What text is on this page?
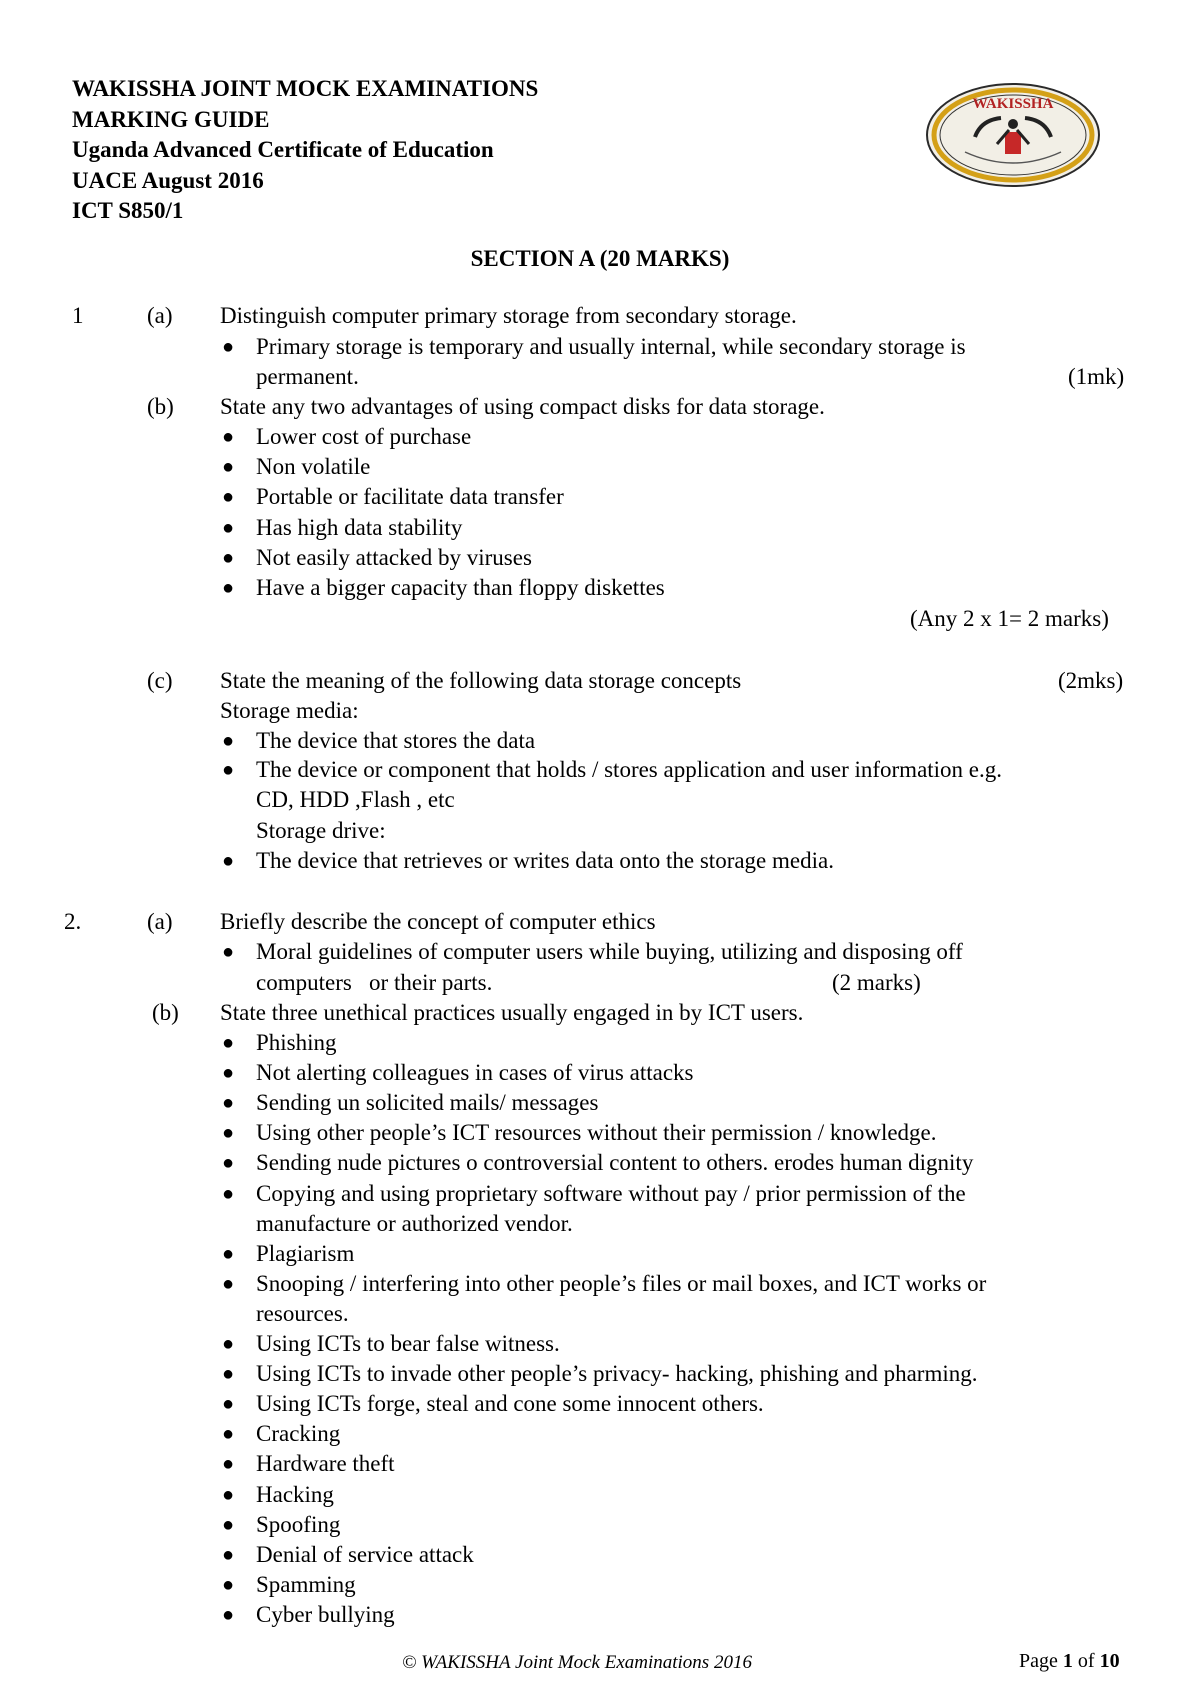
WAKISSHA JOINT MOCK EXAMINATIONS
MARKING GUIDE
Uganda Advanced Certificate of Education
UACE August 2016
ICT S850/1
WAKISSHA
SECTION A (20 MARKS)
1	(a) Distinguish computer primary storage from secondary storage.
● Primary storage is temporary and usually internal, while secondary storage is
permanent.	(1mk)
(b) State any two advantages of using compact disks for data storage.
● Lower cost of purchase
● Non volatile
● Portable or facilitate data transfer
● Has high data stability
● Not easily attacked by viruses
● Have a bigger capacity than floppy diskettes
(Any 2 x 1= 2 marks)
(c) State the meaning of the following data storage concepts	(2mks)
Storage media:
● The device that stores the data
● The device or component that holds / stores application and user information e.g.
CD, HDD ,Flash , etc
Storage drive:
● The device that retrieves or writes data onto the storage media.
2.	(a) Briefly describe the concept of computer ethics
● Moral guidelines of computer users while buying, utilizing and disposing off
computers   or their parts.	(2 marks)
(b) State three unethical practices usually engaged in by ICT users.
● Phishing
● Not alerting colleagues in cases of virus attacks
● Sending un solicited mails/ messages
● Using other people’s ICT resources without their permission / knowledge.
● Sending nude pictures o controversial content to others. erodes human dignity
● Copying and using proprietary software without pay / prior permission of the
manufacture or authorized vendor.
● Plagiarism
● Snooping / interfering into other people’s files or mail boxes, and ICT works or
resources.
● Using ICTs to bear false witness.
● Using ICTs to invade other people’s privacy- hacking, phishing and pharming.
● Using ICTs forge, steal and cone some innocent others.
● Cracking
● Hardware theft
● Hacking
● Spoofing
● Denial of service attack
● Spamming
● Cyber bullying
© WAKISSHA Joint Mock Examinations 2016	Page 1 of 10
